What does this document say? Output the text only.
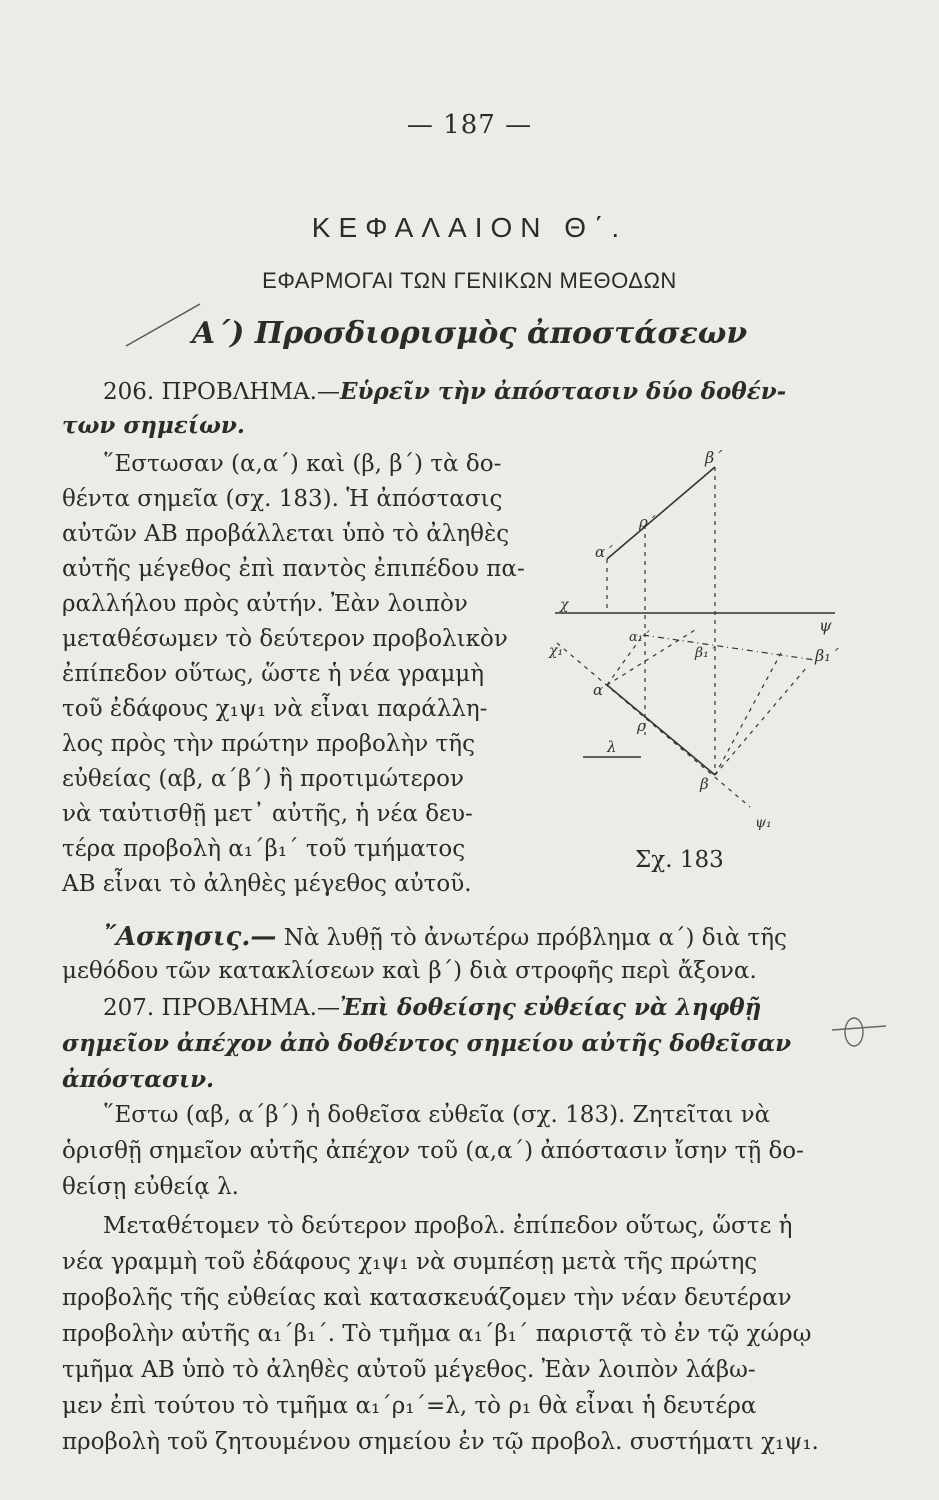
— 187 —
ΚΕΦΑΛΑΙΟΝ Θ΄.
ΕΦΑΡΜΟΓΑΙ ΤΩΝ ΓΕΝΙΚΩΝ ΜΕΘΟΔΩΝ
Α΄) Προσδιορισμὸς ἀποστάσεων
206. ΠΡΟΒΛΗΜΑ.—Εὑρεῖν τὴν ἀπόστασιν δύο δοθέν-
των σημείων.
῞Εστωσαν (α,α΄) καὶ (β, β΄) τὰ δο-
θέντα σημεῖα (σχ. 183). Ἡ ἀπόστασις
αὐτῶν ΑΒ προβάλλεται ὑπὸ τὸ ἀληθὲς
αὐτῆς μέγεθος ἐπὶ παντὸς ἐπιπέδου πα-
ραλλήλου πρὸς αὐτήν. Ἐὰν λοιπὸν
μεταθέσωμεν τὸ δεύτερον προβολικὸν
ἐπίπεδον οὕτως, ὥστε ἡ νέα γραμμὴ
τοῦ ἐδάφους χ₁ψ₁ νὰ εἶναι παράλλη-
λος πρὸς τὴν πρώτην προβολὴν τῆς
εὐθείας (αβ, α΄β΄) ἢ προτιμώτερον
νὰ ταὐτισθῇ μετ᾽ αὐτῆς, ἡ νέα δευ-
τέρα προβολὴ α₁΄β₁΄ τοῦ τμήματος
ΑΒ εἶναι τὸ ἀληθὲς μέγεθος αὐτοῦ.
β΄
ρ΄
α΄
χ
ψ
χ₁
α₁΄
β₁΄	β₁΄
α
ρ
λ
β
ψ₁
Σχ. 183
῎Ασκησις.— Νὰ λυθῇ τὸ ἀνωτέρω πρόβλημα α΄) διὰ τῆς
μεθόδου τῶν κατακλίσεων καὶ β΄) διὰ στροφῆς περὶ ἄξονα.
207. ΠΡΟΒΛΗΜΑ.—Ἐπὶ δοθείσης εὐθείας νὰ ληφθῇ
σημεῖον ἀπέχον ἀπὸ δοθέντος σημείου αὐτῆς δοθεῖσαν
ἀπόστασιν.
῞Εστω (αβ, α΄β΄) ἡ δοθεῖσα εὐθεῖα (σχ. 183). Ζητεῖται νὰ
ὁρισθῇ σημεῖον αὐτῆς ἀπέχον τοῦ (α,α΄) ἀπόστασιν ἴσην τῇ δο-
θείσῃ εὐθείᾳ λ.
Μεταθέτομεν τὸ δεύτερον προβολ. ἐπίπεδον οὕτως, ὥστε ἡ
νέα γραμμὴ τοῦ ἐδάφους χ₁ψ₁ νὰ συμπέσῃ μετὰ τῆς πρώτης
προβολῆς τῆς εὐθείας καὶ κατασκευάζομεν τὴν νέαν δευτέραν
προβολὴν αὐτῆς α₁΄β₁΄. Τὸ τμῆμα α₁΄β₁΄ παριστᾷ τὸ ἐν τῷ χώρῳ
τμῆμα ΑΒ ὑπὸ τὸ ἀληθὲς αὐτοῦ μέγεθος. Ἐὰν λοιπὸν λάβω-
μεν ἐπὶ τούτου τὸ τμῆμα α₁΄ρ₁΄=λ, τὸ ρ₁ θὰ εἶναι ἡ δευτέρα
προβολὴ τοῦ ζητουμένου σημείου ἐν τῷ προβολ. συστήματι χ₁ψ₁.
